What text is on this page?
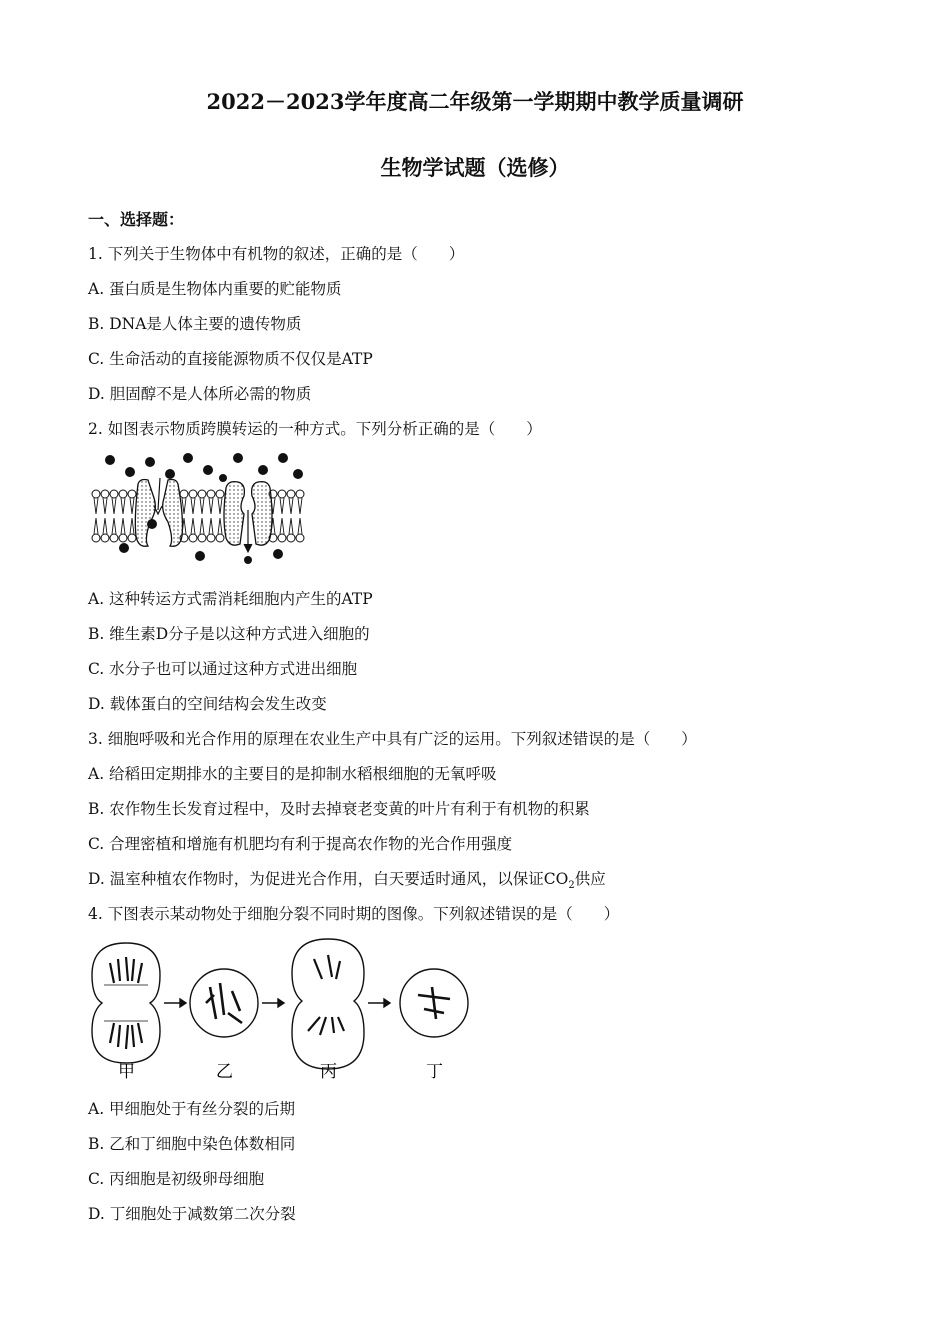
2022－2023学年度高二年级第一学期期中教学质量调研
生物学试题（选修）
一、选择题：
1. 下列关于生物体中有机物的叙述，正确的是（　　）
A. 蛋白质是生物体内重要的贮能物质
B. DNA是人体主要的遗传物质
C. 生命活动的直接能源物质不仅仅是ATP
D. 胆固醇不是人体所必需的物质
2. 如图表示物质跨膜转运的一种方式。下列分析正确的是（　　）
A. 这种转运方式需消耗细胞内产生的ATP
B. 维生素D分子是以这种方式进入细胞的
C. 水分子也可以通过这种方式进出细胞
D. 载体蛋白的空间结构会发生改变
3. 细胞呼吸和光合作用的原理在农业生产中具有广泛的运用。下列叙述错误的是（　　）
A. 给稻田定期排水的主要目的是抑制水稻根细胞的无氧呼吸
B. 农作物生长发育过程中，及时去掉衰老变黄的叶片有利于有机物的积累
C. 合理密植和增施有机肥均有利于提高农作物的光合作用强度
D. 温室种植农作物时，为促进光合作用，白天要适时通风，以保证$CO_2$供应
4. 下图表示某动物处于细胞分裂不同时期的图像。下列叙述错误的是（　　）
甲	乙	丙	丁
A. 甲细胞处于有丝分裂的后期
B. 乙和丁细胞中染色体数相同
C. 丙细胞是初级卵母细胞
D. 丁细胞处于减数第二次分裂
